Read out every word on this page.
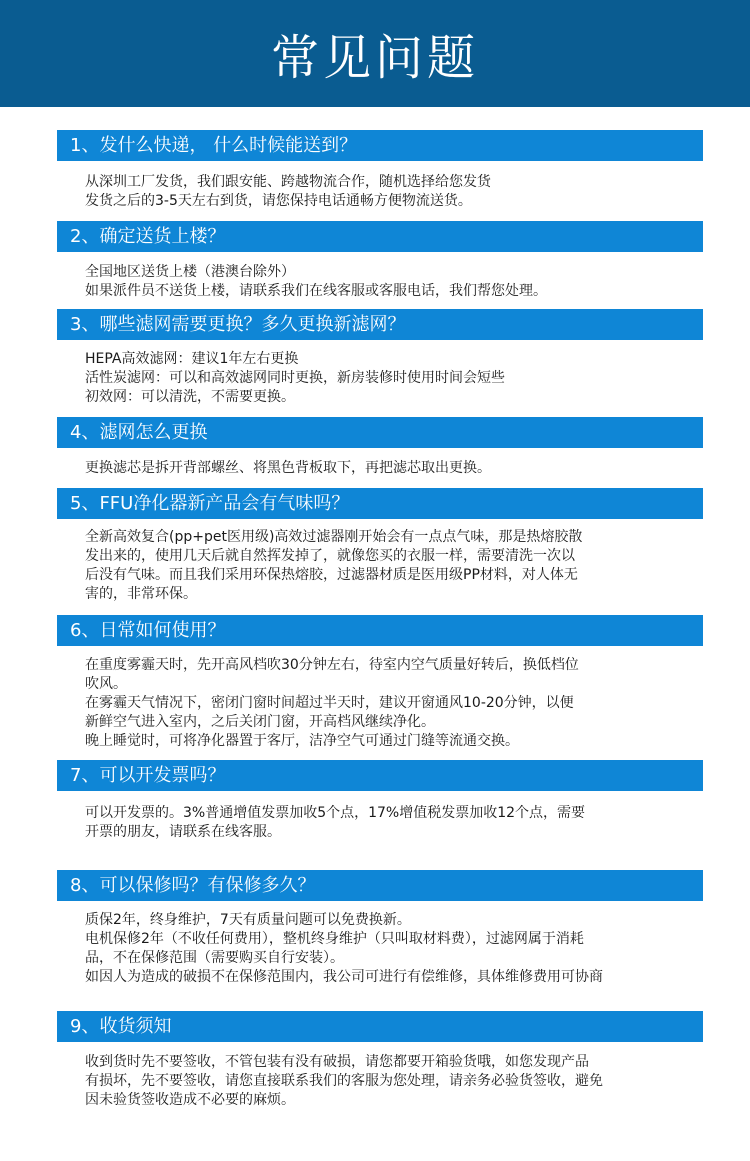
常见问题
1、发什么快递， 什么时候能送到？

从深圳工厂发货，我们跟安能、跨越物流合作，随机选择给您发货

发货之后的3-5天左右到货，请您保持电话通畅方便物流送货。

2、确定送货上楼？

全国地区送货上楼（港澳台除外）

如果派件员不送货上楼，请联系我们在线客服或客服电话，我们帮您处理。

3、哪些滤网需要更换？多久更换新滤网？

HEPA高效滤网：建议1年左右更换

活性炭滤网：可以和高效滤网同时更换，新房装修时使用时间会短些

初效网：可以清洗，不需要更换。

4、滤网怎么更换

更换滤芯是拆开背部螺丝、将黑色背板取下，再把滤芯取出更换。

5、FFU净化器新产品会有气味吗？

全新高效复合(pp+pet医用级)高效过滤器刚开始会有一点点气味，那是热熔胶散

发出来的，使用几天后就自然挥发掉了，就像您买的衣服一样，需要清洗一次以

后没有气味。而且我们采用环保热熔胶，过滤器材质是医用级PP材料，对人体无

害的，非常环保。

6、日常如何使用？

在重度雾霾天时，先开高风档吹30分钟左右，待室内空气质量好转后，换低档位

吹风。

在雾霾天气情况下，密闭门窗时间超过半天时，建议开窗通风10-20分钟，以便

新鲜空气进入室内，之后关闭门窗，开高档风继续净化。

晚上睡觉时，可将净化器置于客厅，洁净空气可通过门缝等流通交换。

7、可以开发票吗？

可以开发票的。3%普通增值发票加收5个点，17%增值税发票加收12个点，需要

开票的朋友，请联系在线客服。

8、可以保修吗？有保修多久？

质保2年，终身维护，7天有质量问题可以免费换新。

电机保修2年（不收任何费用），整机终身维护（只叫取材料费），过滤网属于消耗

品，不在保修范围（需要购买自行安装）。

如因人为造成的破损不在保修范围内，我公司可进行有偿维修，具体维修费用可协商

9、收货须知

收到货时先不要签收，不管包装有没有破损，请您都要开箱验货哦，如您发现产品

有损坏，先不要签收，请您直接联系我们的客服为您处理，请亲务必验货签收，避免

因未验货签收造成不必要的麻烦。
